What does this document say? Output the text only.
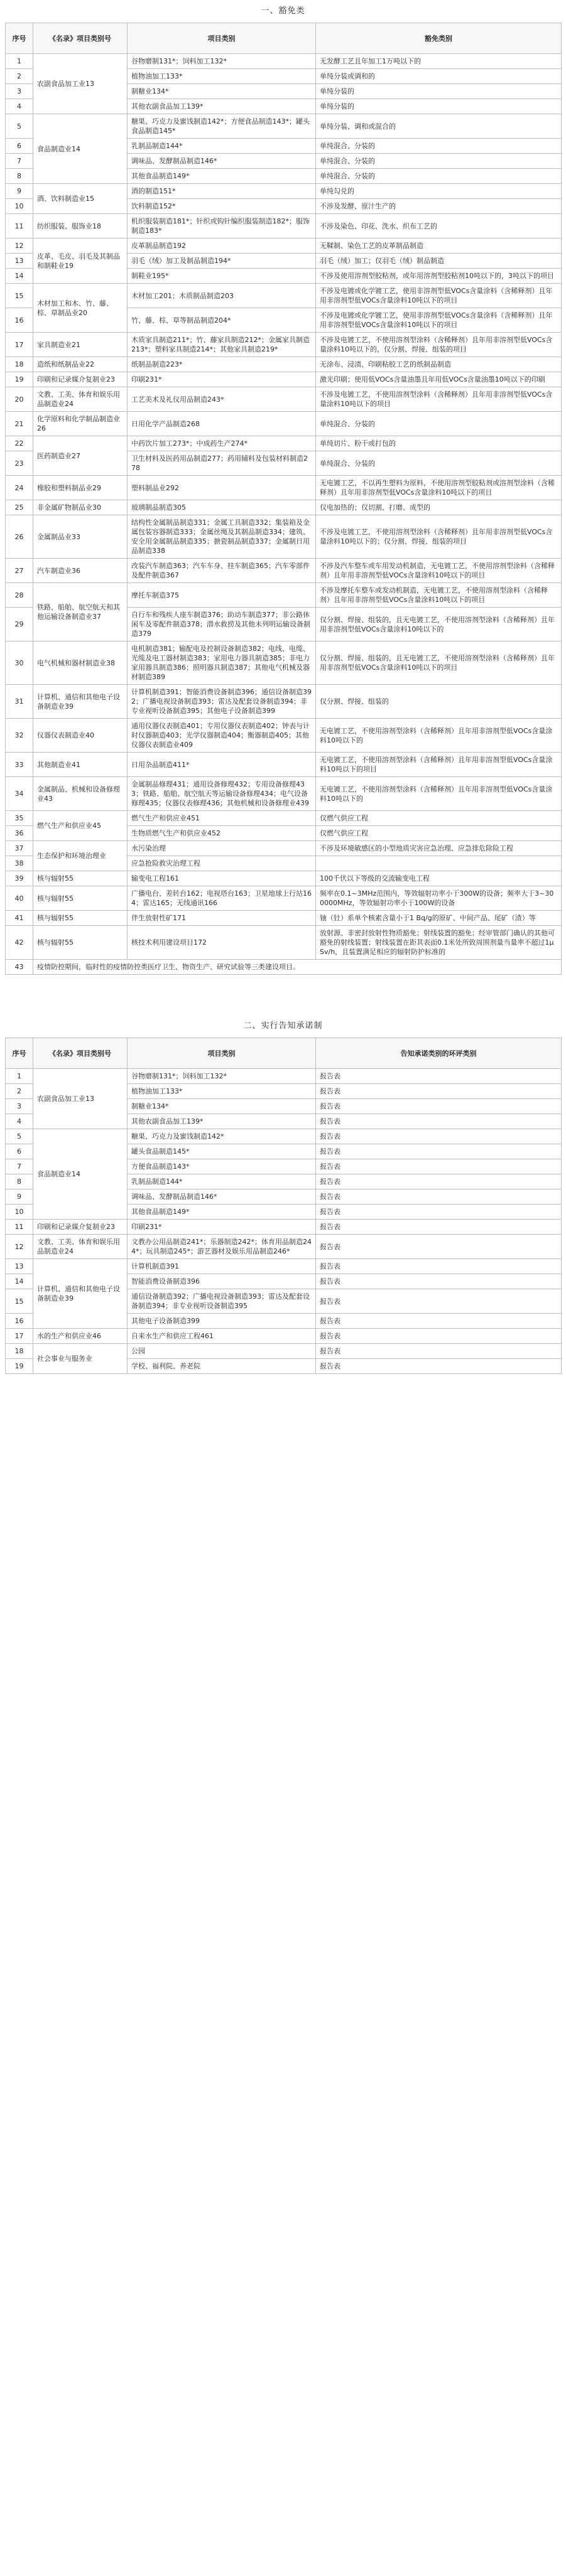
一、豁免类
序号	《名录》项目类别号	项目类别	豁免类别
1	农副食品加工业13	谷物磨制131*；饲料加工132*	无发酵工艺且年加工1万吨以下的
2		植物油加工133*	单纯分装或调和的
3		制糖业134*	单纯分装的
4		其他农副食品加工139*	单纯分装的
5	食品制造业14	糖果、巧克力及蜜饯制造142*；方便食品制造143*；罐头食品制造145*	单纯分装、调和或混合的
6		乳制品制造144*	单纯混合、分装的
7		调味品、发酵制品制造146*	单纯混合、分装的
8		其他食品制造149*	单纯混合、分装的
9	酒、饮料制造业15	酒的制造151*	单纯勾兑的
10		饮料制造152*	不涉及发酵、原汁生产的
11	纺织服装、服饰业18	机织服装制造181*；针织或钩针编织服装制造182*；服饰制造183*	不涉及染色、印花、洗水、织布工艺的
12	皮革、毛皮、羽毛及其制品和制鞋业19	皮革制品制造192	无鞣制、染色工艺的皮革制品制造
13		羽毛（绒）加工及制品制造194*	羽毛（绒）加工；仅羽毛（绒）制品制造
14		制鞋业195*	不涉及使用溶剂型胶粘剂，或年用溶剂型胶粘剂10吨以下的，3吨以下的项目
15	木材加工和木、竹、藤、棕、草制品业20	木材加工201；木质制品制造203	不涉及电镀或化学镀工艺，使用非溶剂型低VOCs含量涂料（含稀释剂）且年用非溶剂型低VOCs含量涂料10吨以下的项目
16		竹、藤、棕、草等制品制造204*	不涉及电镀或化学镀工艺，使用非溶剂型低VOCs含量涂料（含稀释剂）且年用非溶剂型低VOCs含量涂料10吨以下的项目
17	家具制造业21	木质家具制造211*；竹、藤家具制造212*；金属家具制造213*；塑料家具制造214*；其他家具制造219*	不涉及电镀工艺，不使用溶剂型涂料（含稀释剂）且年用非溶剂型低VOCs含量涂料10吨以下的，仅分割、焊接、组装的项目
18	造纸和纸制品业22	纸制品制造223*	无涂布、浸渍、印刷粘胶工艺的纸制品制造
19	印刷和记录媒介复制业23	印刷231*	激光印刷；使用低VOCs含量油墨且年用低VOCs含量油墨10吨以下的印刷
20	文教、工美、体育和娱乐用品制造业24	工艺美术及礼仪用品制造243*	不涉及电镀工艺，不使用溶剂型涂料（含稀释剂）且年用非溶剂型低VOCs含量涂料10吨以下的项目
21	化学原料和化学制品制造业26	日用化学产品制造268	单纯混合、分装的
22	医药制造业27	中药饮片加工273*；中成药生产274*	单纯切片、粉干或打包的
23		卫生材料及医药用品制造277；药用辅料及包装材料制造278	单纯混合、分装的
24	橡胶和塑料制品业29	塑料制品业292	无电镀工艺，不以再生塑料为原料，不使用溶剂型胶粘剂或溶剂型涂料（含稀释剂）且年用非溶剂型低VOCs含量涂料10吨以下的项目
25	非金属矿物制品业30	玻璃制品制造305	仅电加热的；仅切割、打磨、成型的
26	金属制品业33	结构性金属制品制造331；金属工具制造332；集装箱及金属包装容器制造333；金属丝绳及其制品制造334；建筑、安全用金属制品制造335；搪瓷制品制造337；金属制日用品制造338	不涉及电镀工艺，不使用溶剂型涂料（含稀释剂）且年用非溶剂型低VOCs含量涂料10吨以下的；仅分割、焊接、组装的项目
27	汽车制造业36	改装汽车制造363；汽车车身、挂车制造365；汽车零部件及配件制造367	不涉及汽车整车或车用发动机制造，无电镀工艺，不使用溶剂型涂料（含稀释剂）且年用非溶剂型低VOCs含量涂料10吨以下的项目
28	铁路、船舶、航空航天和其他运输设备制造业37	摩托车制造375	不涉及摩托车整车或发动机制造，无电镀工艺，不使用溶剂型涂料（含稀释剂）且年用非溶剂型低VOCs含量涂料10吨以下的项目
29		自行车和残疾人座车制造376；助动车制造377；非公路休闲车及零配件制造378；潜水救捞及其他未列明运输设备制造379	仅分割、焊接、组装的，且无电镀工艺，不使用溶剂型涂料（含稀释剂）且年用非溶剂型低VOCs含量涂料10吨以下的
30	电气机械和器材制造业38	电机制造381；输配电及控制设备制造382；电线、电缆、光缆及电工器材制造383；家用电力器具制造385；非电力家用器具制造386；照明器具制造387；其他电气机械及器材制造389	仅分割、焊接、组装的，且无电镀工艺，不使用溶剂型涂料（含稀释剂）且年用非溶剂型低VOCs含量涂料10吨以下的项目
31	计算机、通信和其他电子设备制造业39	计算机制造391；智能消费设备制造396；通信设备制造392；广播电视设备制造393；雷达及配套设备制造394；非专业视听设备制造395；其他电子设备制造399	仅分割、焊接、组装的
32	仪器仪表制造业40	通用仪器仪表制造401；专用仪器仪表制造402；钟表与计时仪器制造403；光学仪器制造404；衡器制造405；其他仪器仪表制造业409	无电镀工艺，不使用溶剂型涂料（含稀释剂）且年用非溶剂型低VOCs含量涂料10吨以下的
33	其他制造业41	日用杂品制造411*	无电镀工艺，不使用溶剂型涂料（含稀释剂）且年用非溶剂型低VOCs含量涂料10吨以下的项目
34	金属制品、机械和设备修理业43	金属制品修理431；通用设备修理432；专用设备修理433；铁路、船舶、航空航天等运输设备修理434；电气设备修理435；仪器仪表修理436；其他机械和设备修理业439	无电镀工艺，不使用溶剂型涂料（含稀释剂）且年用非溶剂型低VOCs含量涂料10吨以下的
35	燃气生产和供应业45	燃气生产和供应业451	仅燃气供应工程
36		生物质燃气生产和供应业452	仅燃气供应工程
37	生态保护和环境治理业	水污染治理	不涉及环境敏感区的小型地质灾害应急治理、应急排危除险工程
38		应急抢险救灾治理工程	
39	核与辐射55	输变电工程161	100千伏以下等级的交流输变电工程
40	核与辐射55	广播电台、差转台162；电视塔台163；卫星地球上行站164；雷达165；无线通讯166	频率在0.1~3MHz范围内，等效辐射功率小于300W的设备；频率大于3~300000MHz，等效辐射功率小于100W的设备
41	核与辐射55	伴生放射性矿171	铀（钍）系单个核素含量小于1 Bq/g的原矿、中间产品、尾矿（渣）等
42	核与辐射55	核技术利用建设项目172	放射源、非密封放射性物质豁免；射线装置的豁免；经审管部门确认的其他可豁免的射线装置；射线装置在距其表面0.1米处所致周围剂量当量率不超过1μSv/h，且装置满足相应的辐射防护标准的
43	疫情防控期间，临时性的疫情防控类医疗卫生、物资生产、研究试验等三类建设项目。		
二、实行告知承诺制
序号	《名录》项目类别号	项目类别	告知承诺类别的环评类别
1	农副食品加工业13	谷物磨制131*；饲料加工132*	报告表
2		植物油加工133*	报告表
3		制糖业134*	报告表
4		其他农副食品加工139*	报告表
5	食品制造业14	糖果、巧克力及蜜饯制造142*	报告表
6		罐头食品制造145*	报告表
7		方便食品制造143*	报告表
8		乳制品制造144*	报告表
9		调味品、发酵制品制造146*	报告表
10		其他食品制造149*	报告表
11	印刷和记录媒介复制业23	印刷231*	报告表
12	文教、工美、体育和娱乐用品制造业24	文教办公用品制造241*；乐器制造242*；体育用品制造244*；玩具制造245*；游艺器材及娱乐用品制造246*	报告表
13	计算机、通信和其他电子设备制造业39	计算机制造391	报告表
14		智能消费设备制造396	报告表
15		通信设备制造392；广播电视设备制造393；雷达及配套设备制造394；非专业视听设备制造395	报告表
16		其他电子设备制造399	报告表
17	水的生产和供应业46	自来水生产和供应工程461	报告表
18	社会事业与服务业	公园	报告表
19		学校、福利院、养老院	报告表
